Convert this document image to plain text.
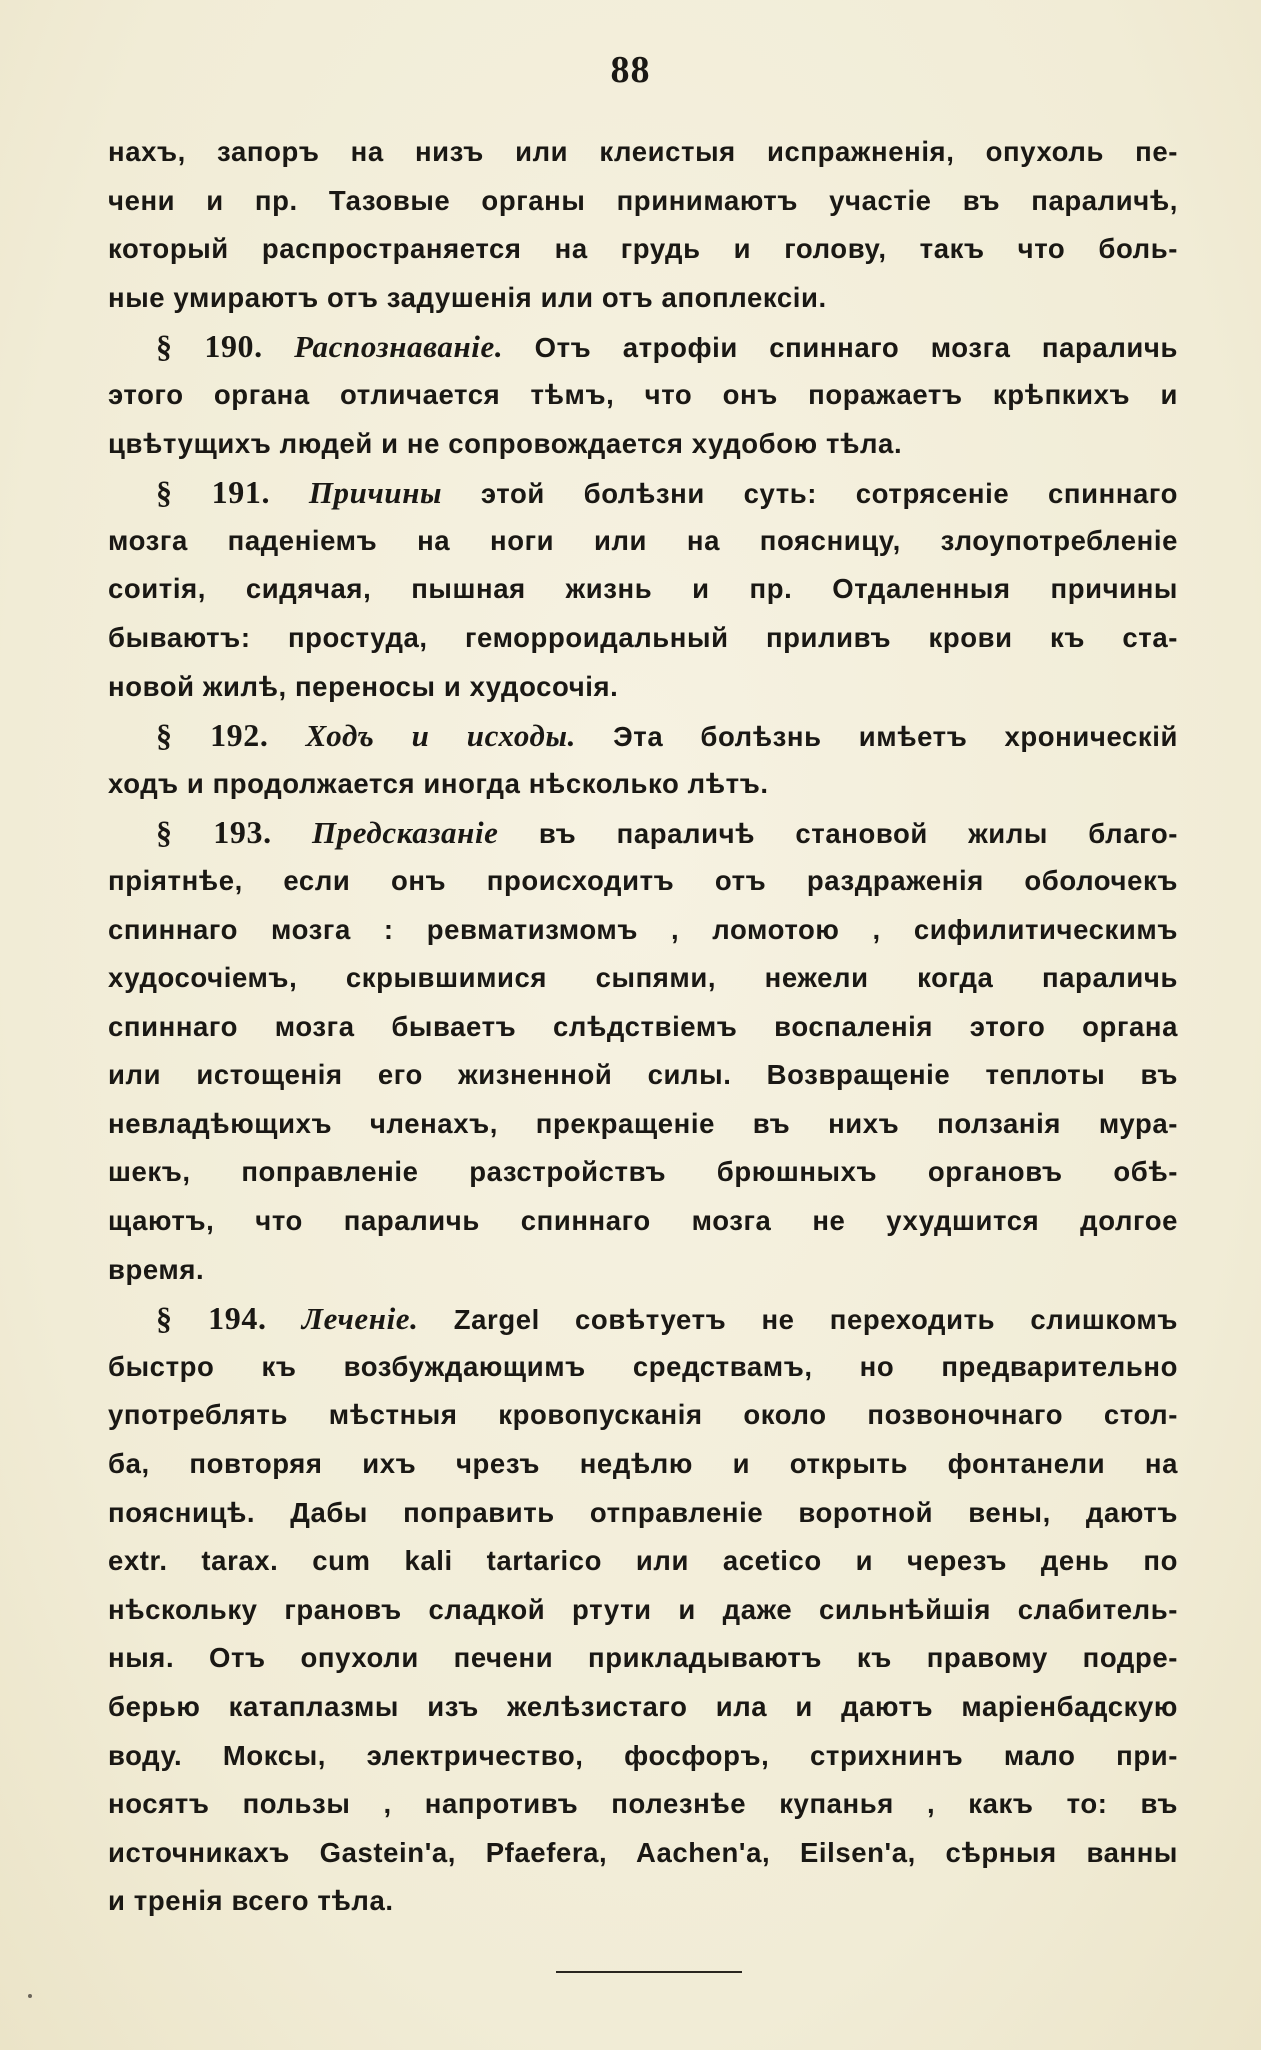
88
нахъ, запоръ на низъ или клеистыя испражненія, опухоль пе-
чени и пр. Тазовые органы принимаютъ участіе въ параличѣ,
который распространяется на грудь и голову, такъ что боль-
ные умираютъ отъ задушенія или отъ апоплексіи.
§ 190. Распознаваніе. Отъ атрофіи спиннаго мозга параличь
этого органа отличается тѣмъ, что онъ поражаетъ крѣпкихъ и
цвѣтущихъ людей и не сопровождается худобою тѣла.
§ 191. Причины этой болѣзни суть: сотрясеніе спиннаго
мозга паденіемъ на ноги или на поясницу, злоупотребленіе
соитія, сидячая, пышная жизнь и пр. Отдаленныя причины
бываютъ: простуда, геморроидальный приливъ крови къ ста-
новой жилѣ, переносы и худосочія.
§ 192. Ходъ и исходы. Эта болѣзнь имѣетъ хроническій
ходъ и продолжается иногда нѣсколько лѣтъ.
§ 193. Предсказаніе въ параличѣ становой жилы благо-
пріятнѣе, если онъ происходитъ отъ раздраженія оболочекъ
спиннаго мозга : ревматизмомъ , ломотою , сифилитическимъ
худосочіемъ, скрывшимися сыпями, нежели когда параличь
спиннаго мозга бываетъ слѣдствіемъ воспаленія этого органа
или истощенія его жизненной силы. Возвращеніе теплоты въ
невладѣющихъ членахъ, прекращеніе въ нихъ ползанія мура-
шекъ, поправленіе разстройствъ брюшныхъ органовъ обѣ-
щаютъ, что параличь спиннаго мозга не ухудшится долгое
время.
§ 194. Леченіе. Zargel совѣтуетъ не переходить слишкомъ
быстро къ возбуждающимъ средствамъ, но предварительно
употреблять мѣстныя кровопусканія около позвоночнаго стол-
ба, повторяя ихъ чрезъ недѣлю и открыть фонтанели на
поясницѣ. Дабы поправить отправленіе воротной вены, даютъ
extr. tarax. cum kali tartarico или acetico и черезъ день по
нѣскольку грановъ сладкой ртути и даже сильнѣйшія слабитель-
ныя. Отъ опухоли печени прикладываютъ къ правому подре-
берью катаплазмы изъ желѣзистаго ила и даютъ маріенбадскую
воду. Моксы, электричество, фосфоръ, стрихнинъ мало при-
носятъ пользы , напротивъ полезнѣе купанья , какъ то: въ
источникахъ Gastein'a, Pfaefera, Aachen'a, Eilsen'a, сѣрныя ванны
и тренія всего тѣла.
